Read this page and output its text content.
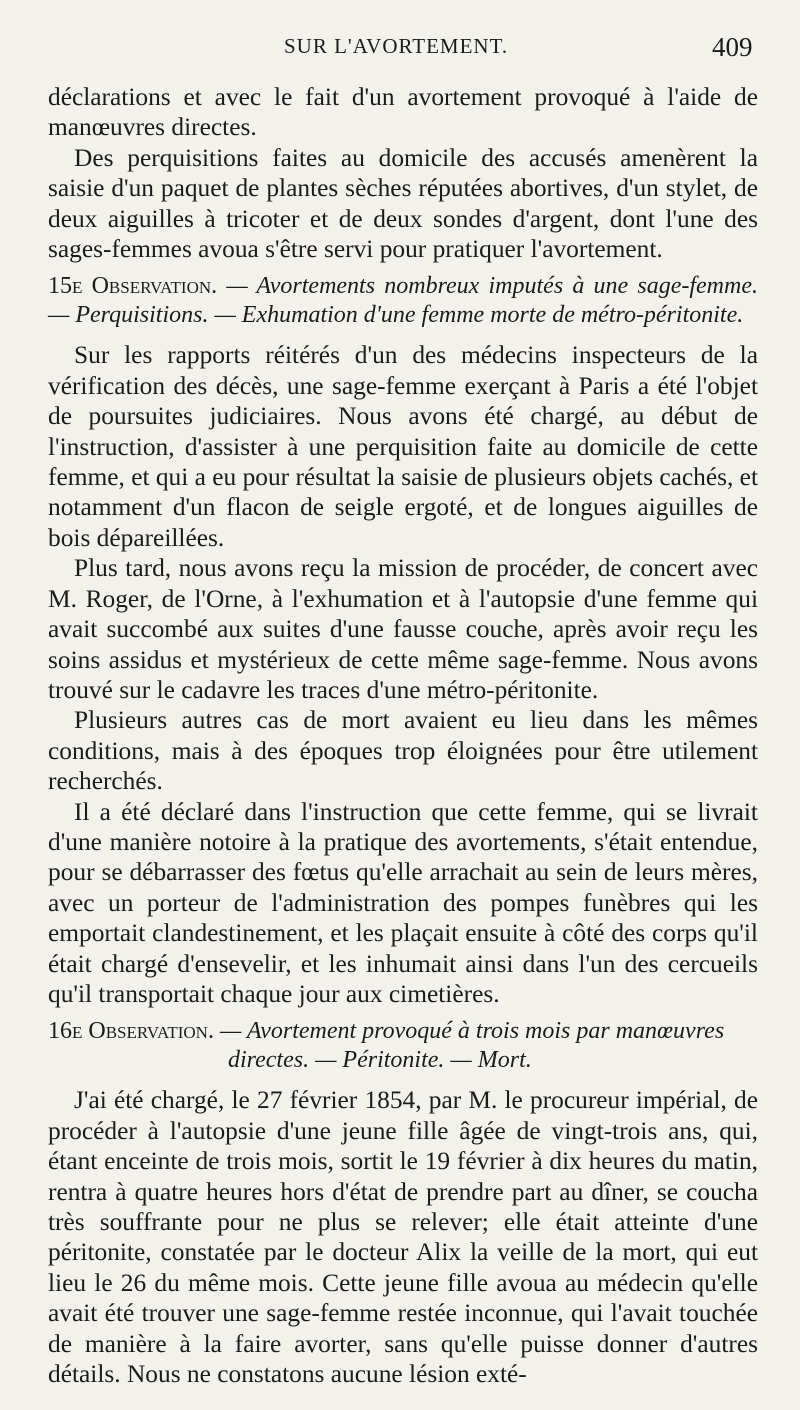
SUR L'AVORTEMENT.	409

déclarations et avec le fait d'un avortement provoqué à l'aide de manœuvres directes.

Des perquisitions faites au domicile des accusés amenèrent la saisie d'un paquet de plantes sèches réputées abortives, d'un stylet, de deux aiguilles à tricoter et de deux sondes d'argent, dont l'une des sages-femmes avoua s'être servi pour pratiquer l'avortement.

15e Observation. — Avortements nombreux imputés à une sage-femme. — Perquisitions. — Exhumation d'une femme morte de métro-péritonite.

Sur les rapports réitérés d'un des médecins inspecteurs de la vérification des décès, une sage-femme exerçant à Paris a été l'objet de poursuites judiciaires. Nous avons été chargé, au début de l'instruction, d'assister à une perquisition faite au domicile de cette femme, et qui a eu pour résultat la saisie de plusieurs objets cachés, et notamment d'un flacon de seigle ergoté, et de longues aiguilles de bois dépareillées.

Plus tard, nous avons reçu la mission de procéder, de concert avec M. Roger, de l'Orne, à l'exhumation et à l'autopsie d'une femme qui avait succombé aux suites d'une fausse couche, après avoir reçu les soins assidus et mystérieux de cette même sage-femme. Nous avons trouvé sur le cadavre les traces d'une métro-péritonite.

Plusieurs autres cas de mort avaient eu lieu dans les mêmes conditions, mais à des époques trop éloignées pour être utilement recherchés.

Il a été déclaré dans l'instruction que cette femme, qui se livrait d'une manière notoire à la pratique des avortements, s'était entendue, pour se débarrasser des fœtus qu'elle arrachait au sein de leurs mères, avec un porteur de l'administration des pompes funèbres qui les emportait clandestinement, et les plaçait ensuite à côté des corps qu'il était chargé d'ensevelir, et les inhumait ainsi dans l'un des cercueils qu'il transportait chaque jour aux cimetières.

16e Observation. — Avortement provoqué à trois mois par manœuvres
directes. — Péritonite. — Mort.

J'ai été chargé, le 27 février 1854, par M. le procureur impérial, de procéder à l'autopsie d'une jeune fille âgée de vingt-trois ans, qui, étant enceinte de trois mois, sortit le 19 février à dix heures du matin, rentra à quatre heures hors d'état de prendre part au dîner, se coucha très souffrante pour ne plus se relever; elle était atteinte d'une péritonite, constatée par le docteur Alix la veille de la mort, qui eut lieu le 26 du même mois. Cette jeune fille avoua au médecin qu'elle avait été trouver une sage-femme restée inconnue, qui l'avait touchée de manière à la faire avorter, sans qu'elle puisse donner d'autres détails. Nous ne constatons aucune lésion exté-
